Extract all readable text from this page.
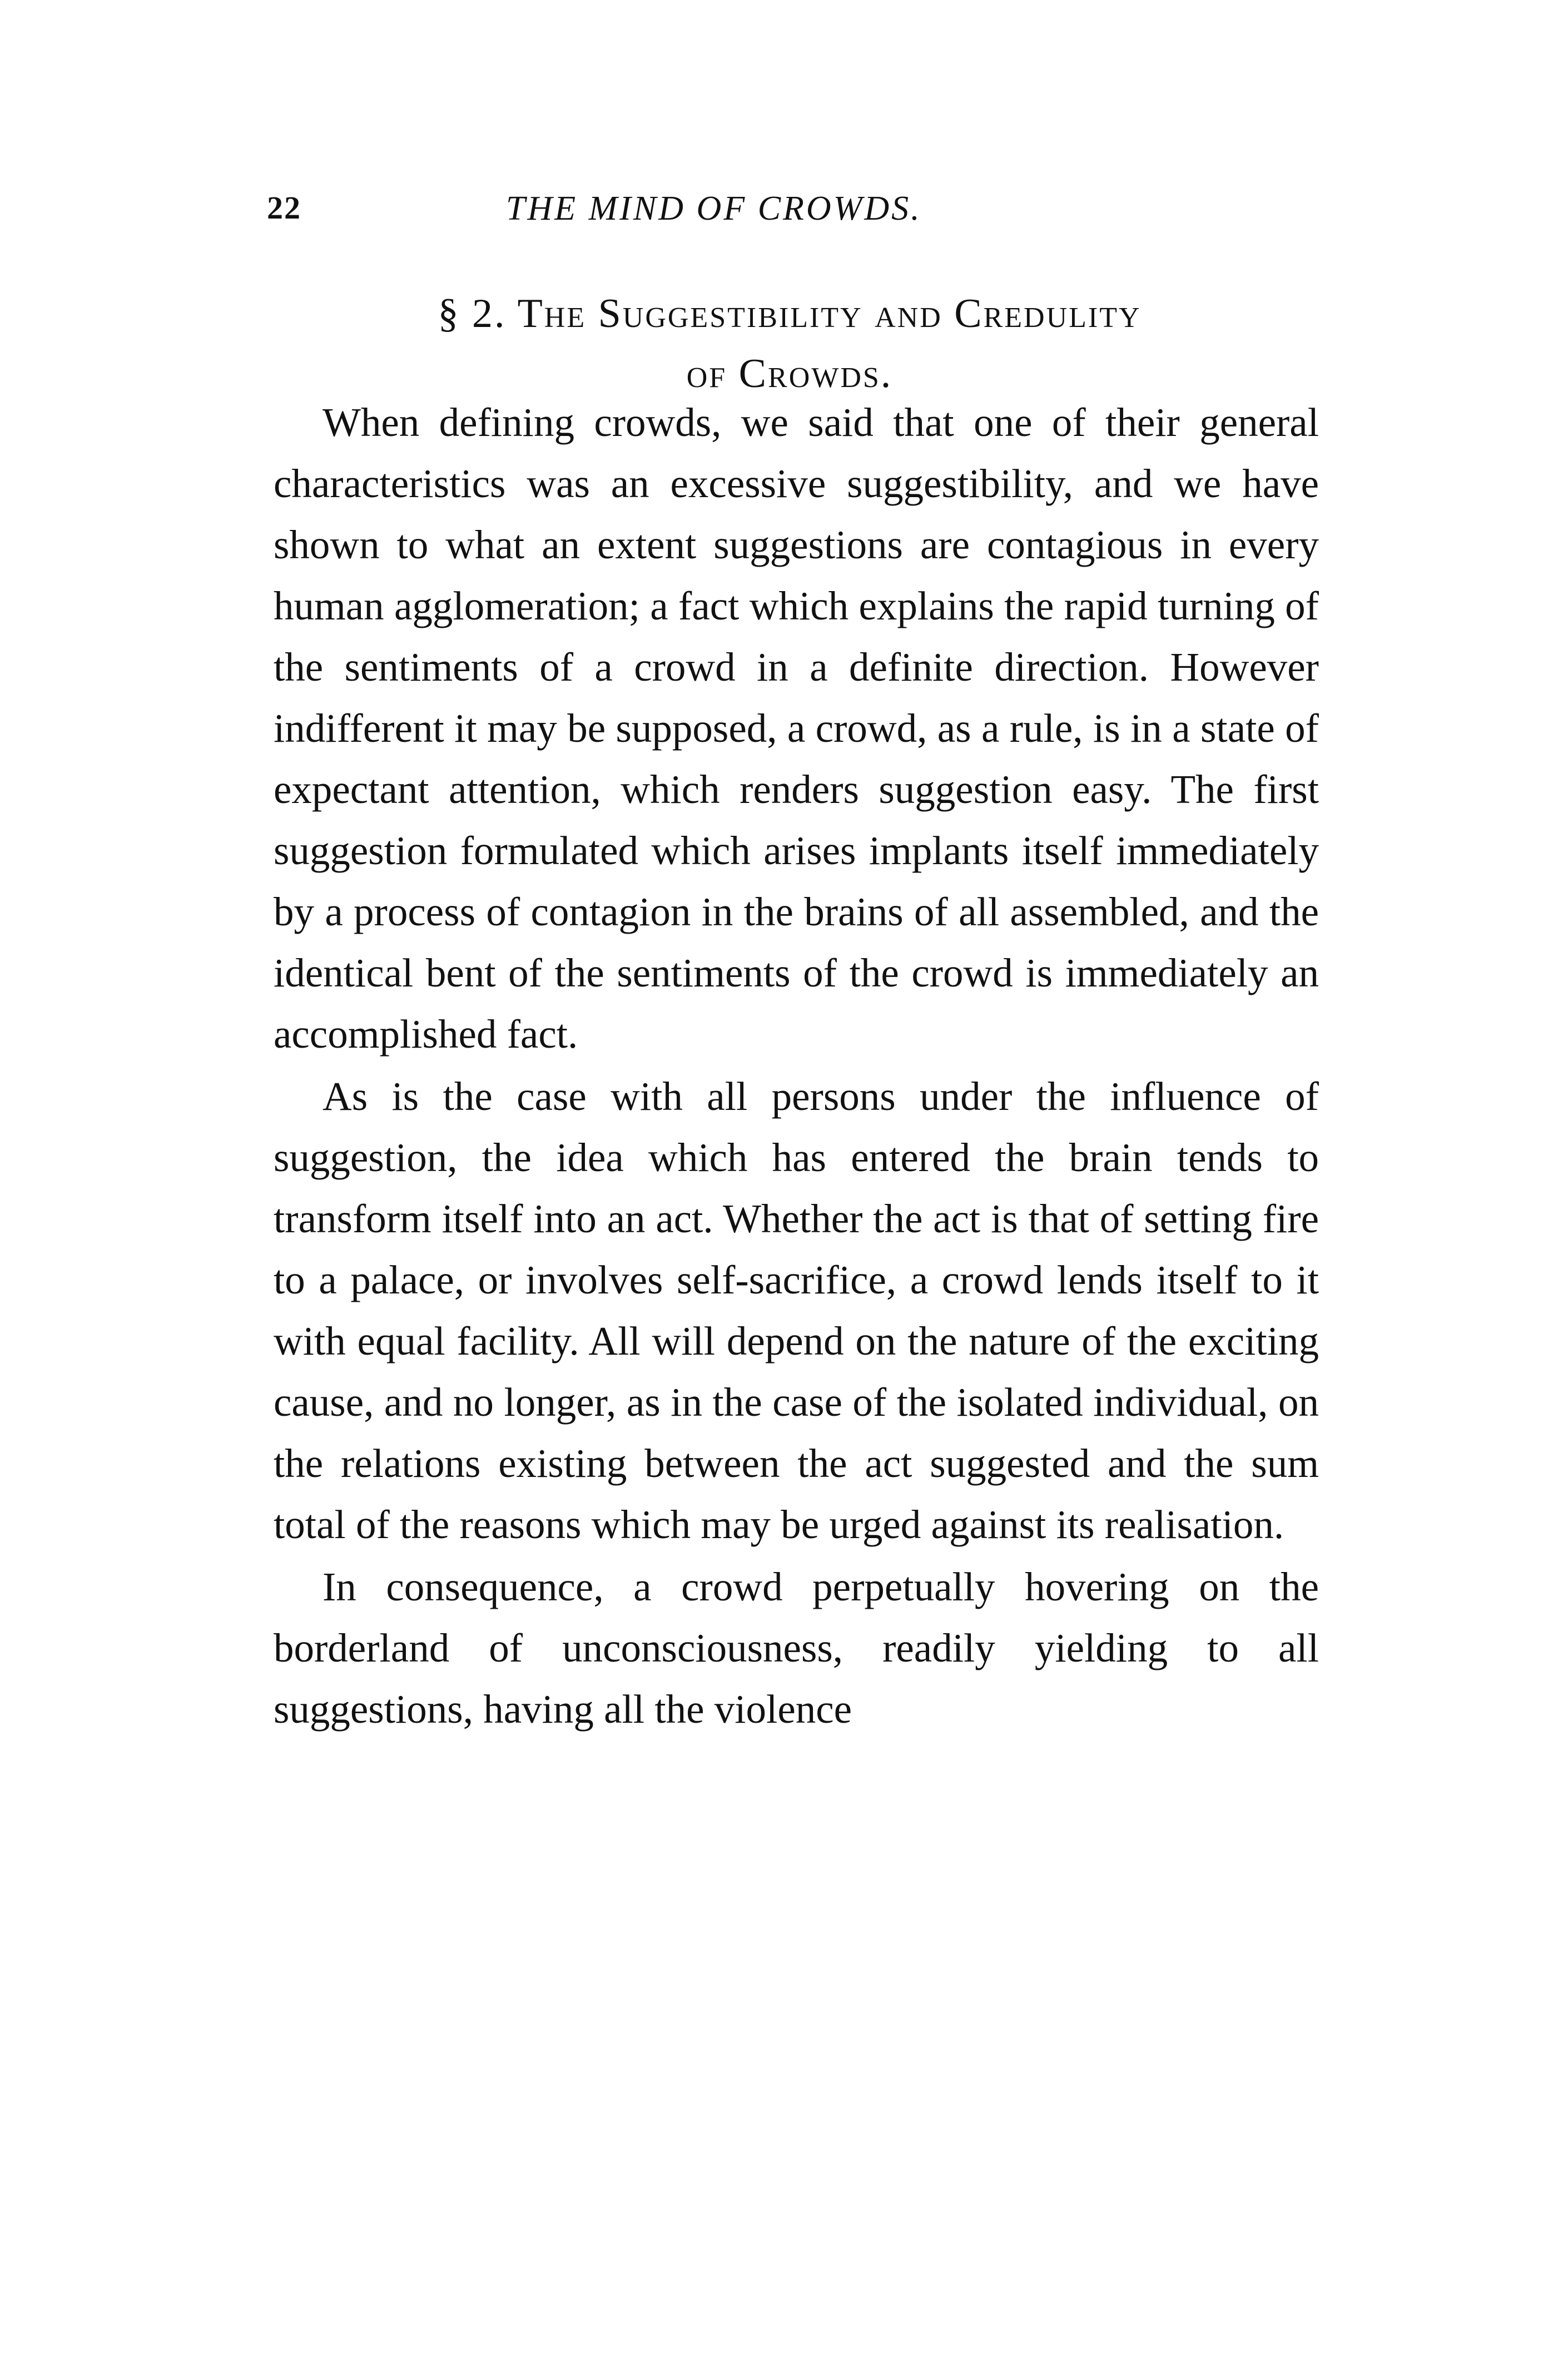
22	THE MIND OF CROWDS.
§ 2. The Suggestibility and Credulity
of Crowds.

When defining crowds, we said that one of their general characteristics was an excessive suggestibility, and we have shown to what an extent suggestions are contagious in every human agglomeration; a fact which explains the rapid turning of the sentiments of a crowd in a definite direction. However indifferent it may be supposed, a crowd, as a rule, is in a state of expectant attention, which renders suggestion easy. The first suggestion formulated which arises implants itself immediately by a process of contagion in the brains of all assembled, and the identical bent of the sentiments of the crowd is immediately an accomplished fact.

As is the case with all persons under the influence of suggestion, the idea which has entered the brain tends to transform itself into an act. Whether the act is that of setting fire to a palace, or involves self-sacrifice, a crowd lends itself to it with equal facility. All will depend on the nature of the exciting cause, and no longer, as in the case of the isolated individual, on the relations existing between the act suggested and the sum total of the reasons which may be urged against its realisation.

In consequence, a crowd perpetually hovering on the borderland of unconsciousness, readily yielding to all suggestions, having all the violence
